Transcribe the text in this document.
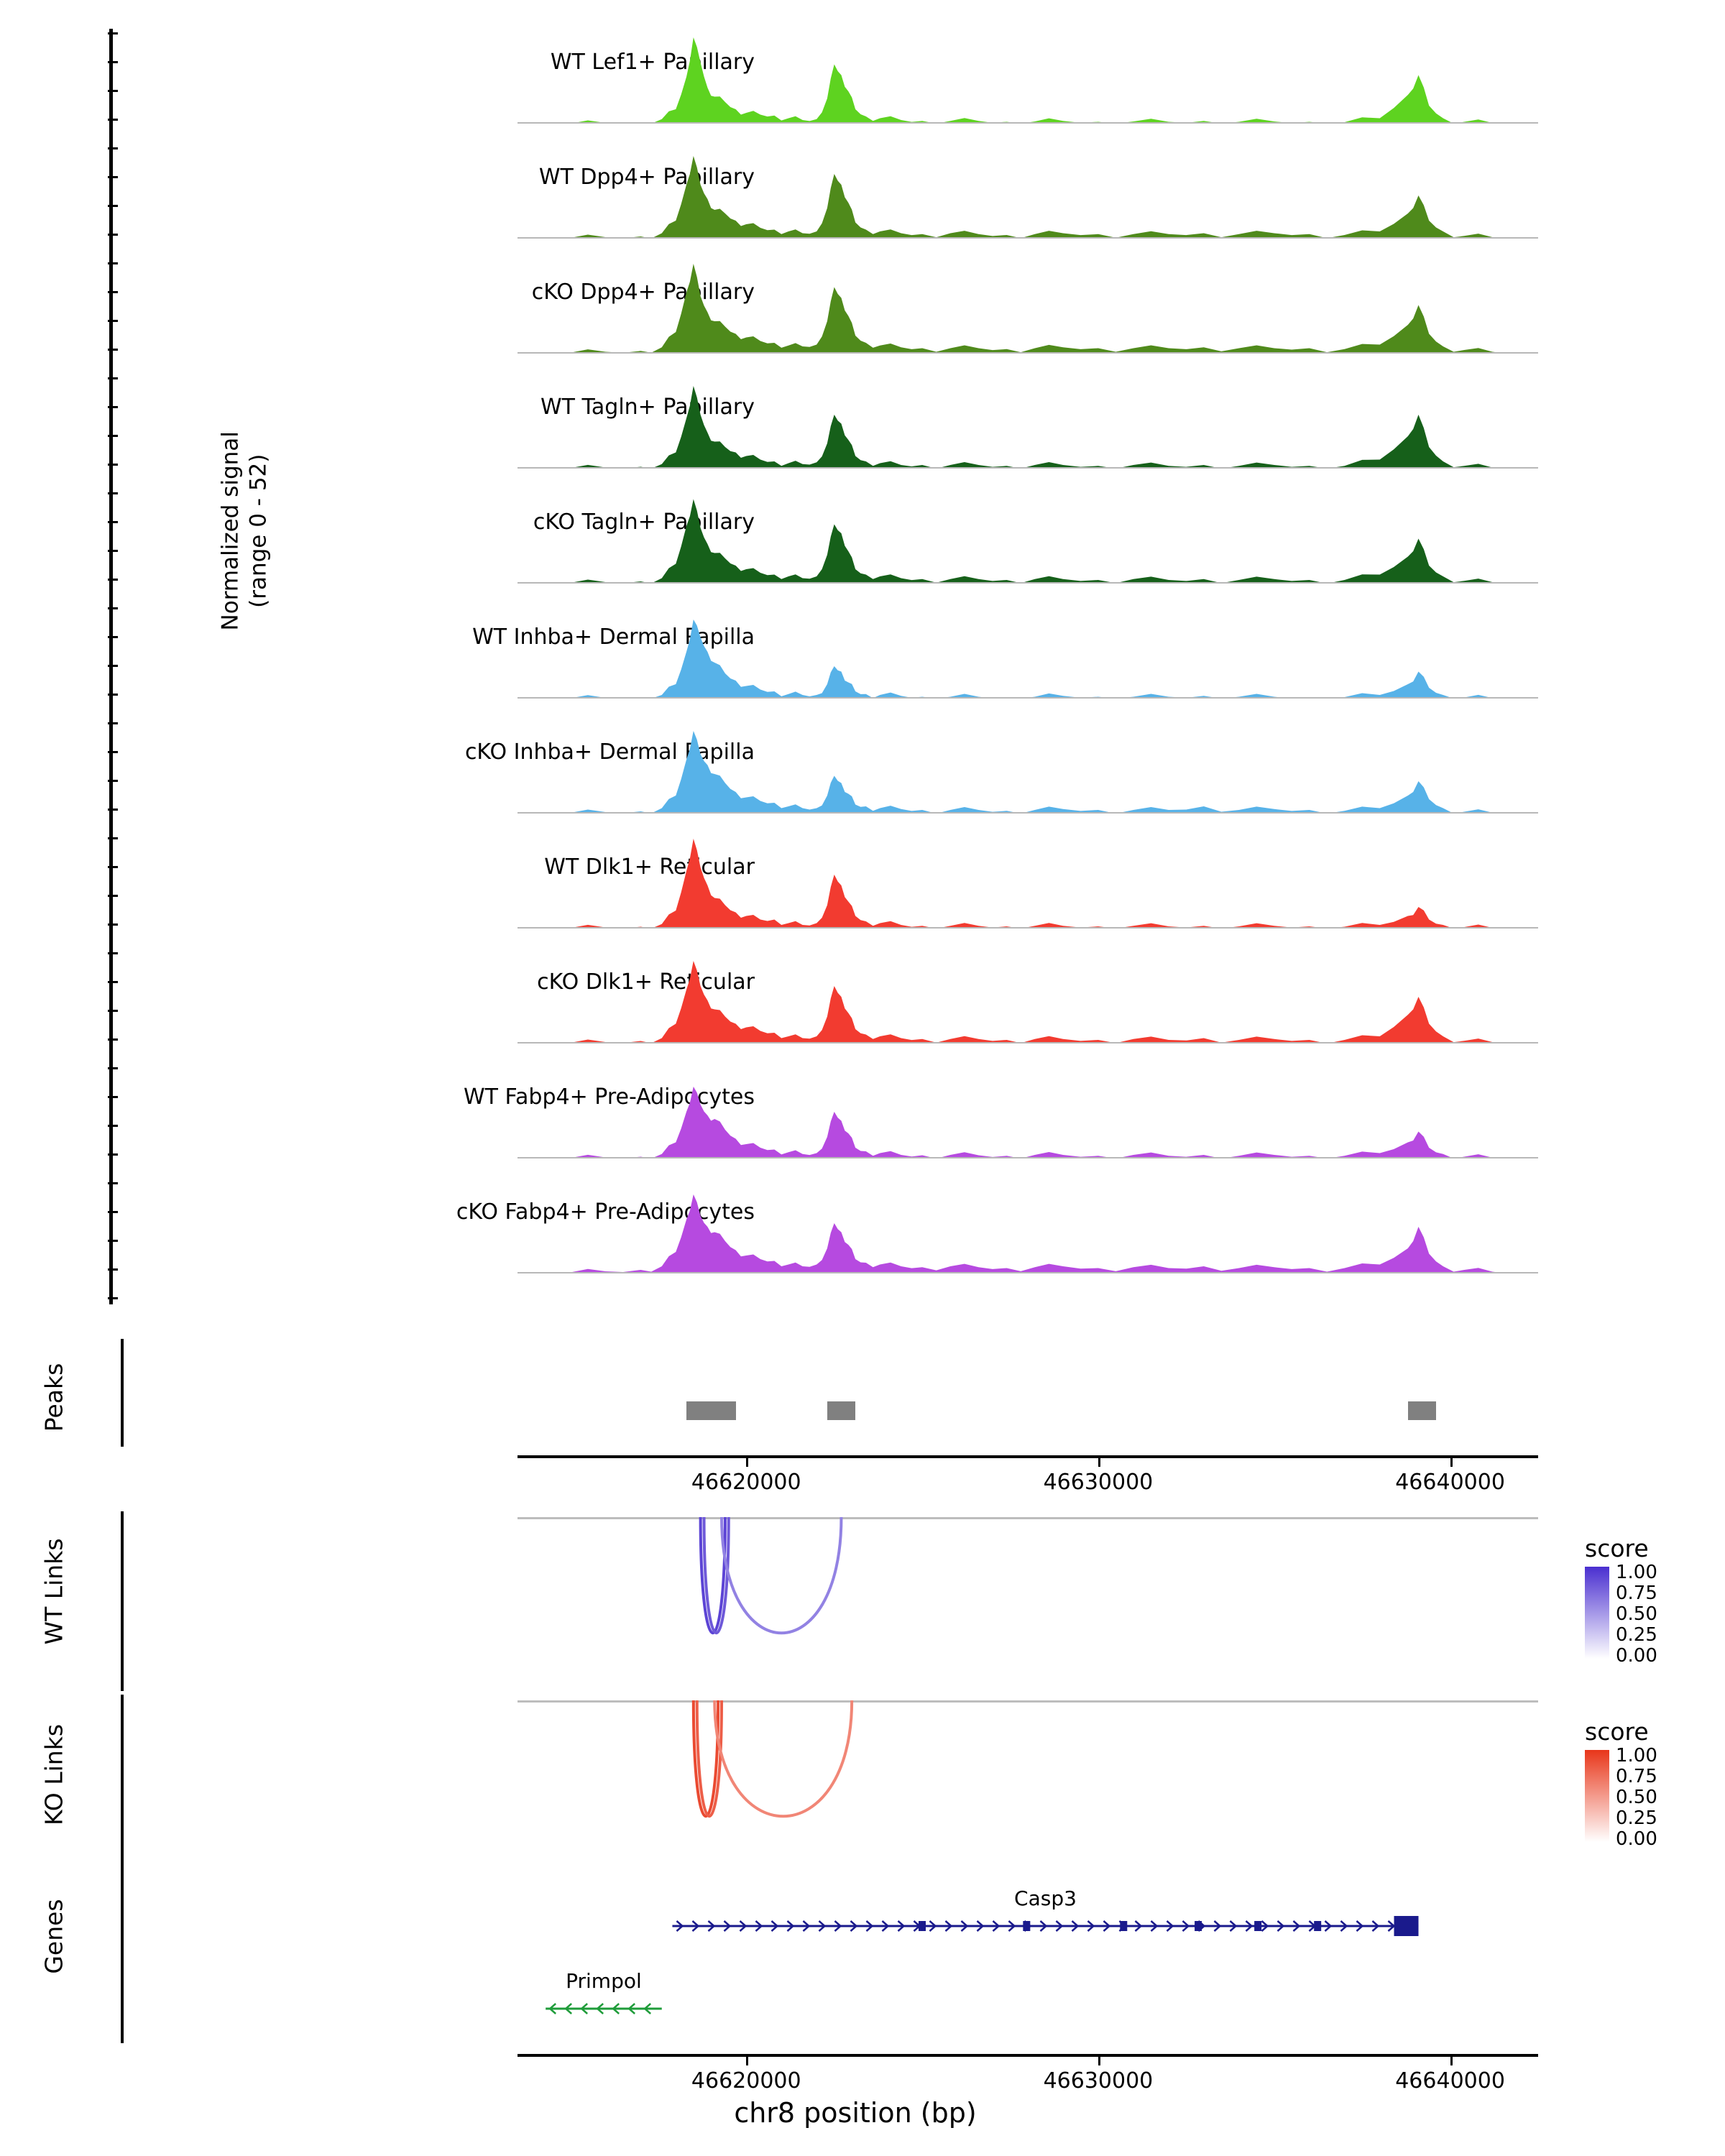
Normalized signal
(range 0 - 52)
WT Lef1+ Papillary
WT Dpp4+ Papillary
cKO Dpp4+ Papillary
WT Tagln+ Papillary
cKO Tagln+ Papillary
WT Inhba+ Dermal Papilla
cKO Inhba+ Dermal Papilla
WT Dlk1+ Reticular
cKO Dlk1+ Reticular
WT Fabp4+ Pre-Adipocytes
cKO Fabp4+ Pre-Adipocytes
Peaks
46620000	46630000	46640000
WT Links	score
1.00
0.75
0.50
0.25
0.00
KO Links	score
1.00
0.75
0.50
0.25
0.00
Genes
Casp3
Primpol
46620000	46630000	46640000
chr8 position (bp)
